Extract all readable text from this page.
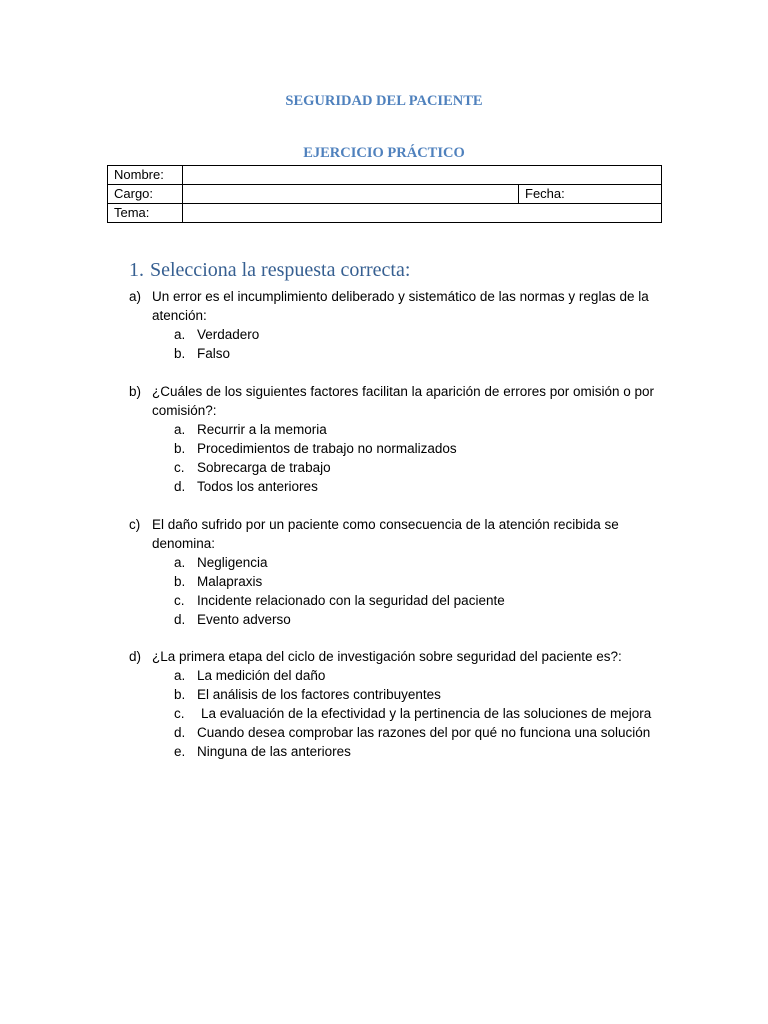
SEGURIDAD DEL PACIENTE
EJERCICIO PRÁCTICO
Nombre:		
Cargo:		Fecha:
Tema:		
1. Selecciona la respuesta correcta:
a) Un error es el incumplimiento deliberado y sistemático de las normas y reglas de la atención:
a. Verdadero
b. Falso
b) ¿Cuáles de los siguientes factores facilitan la aparición de errores por omisión o por comisión?:
a. Recurrir a la memoria
b. Procedimientos de trabajo no normalizados
c. Sobrecarga de trabajo
d. Todos los anteriores
c) El daño sufrido por un paciente como consecuencia de la atención recibida se denomina:
a. Negligencia
b. Malapraxis
c. Incidente relacionado con la seguridad del paciente
d. Evento adverso
d) ¿La primera etapa del ciclo de investigación sobre seguridad del paciente es?:
a. La medición del daño
b. El análisis de los factores contribuyentes
c. La evaluación de la efectividad y la pertinencia de las soluciones de mejora
d. Cuando desea comprobar las razones del por qué no funciona una solución
e. Ninguna de las anteriores
